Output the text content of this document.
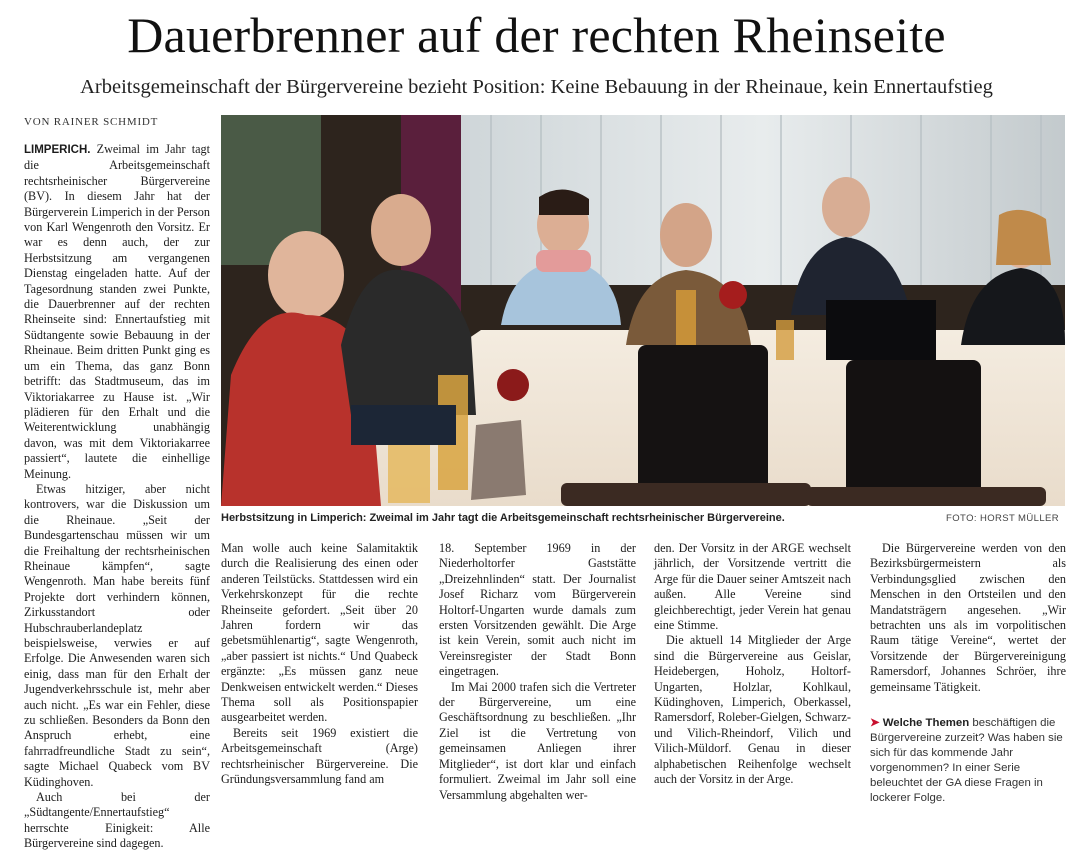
Dauerbrenner auf der rechten Rheinseite
Arbeitsgemeinschaft der Bürgervereine bezieht Position: Keine Bebauung in der Rheinaue, kein Ennertaufstieg
VON RAINER SCHMIDT

LIMPERICH. Zweimal im Jahr tagt die Arbeitsgemeinschaft rechtsrheinischer Bürgervereine (BV). In diesem Jahr hat der Bürgerverein Limperich in der Person von Karl Wengenroth den Vorsitz. Er war es denn auch, der zur Herbstsitzung am vergangenen Dienstag eingeladen hatte. Auf der Tagesordnung standen zwei Punkte, die Dauerbrenner auf der rechten Rheinseite sind: Ennertaufstieg mit Südtangente sowie Bebauung in der Rheinaue. Beim dritten Punkt ging es um ein Thema, das ganz Bonn betrifft: das Stadtmuseum, das im Viktoriakarree zu Hause ist. „Wir plädieren für den Erhalt und die Weiterentwicklung unabhängig davon, was mit dem Viktoriakarree passiert“, lautete die einhellige Meinung.

Etwas hitziger, aber nicht kontrovers, war die Diskussion um die Rheinaue. „Seit der Bundesgartenschau müssen wir um die Freihaltung der rechtsrheinischen Rheinaue kämpfen“, sagte Wengenroth. Man habe bereits fünf Projekte dort verhindern können, Zirkusstandort oder Hubschrauberlandeplatz beispielsweise, verwies er auf Erfolge. Die Anwesenden waren sich einig, dass man für den Erhalt der Jugendverkehrsschule ist, mehr aber auch nicht. „Es war ein Fehler, diese zu schließen. Besonders da Bonn den Anspruch erhebt, eine fahrradfreundliche Stadt zu sein“, sagte Michael Quabeck vom BV Küdinghoven.

Auch bei der „Südtangente/Ennertaufstieg“ herrschte Einigkeit: Alle Bürgervereine sind dagegen.

Herbstsitzung in Limperich: Zweimal im Jahr tagt die Arbeitsgemeinschaft rechtsrheinischer Bürgervereine.	FOTO: HORST MÜLLER

Man wolle auch keine Salamitaktik durch die Realisierung des einen oder anderen Teilstücks. Stattdessen wird ein Verkehrskonzept für die rechte Rheinseite gefordert. „Seit über 20 Jahren fordern wir das gebetsmühlenartig“, sagte Wengenroth, „aber passiert ist nichts.“ Und Quabeck ergänzte: „Es müssen ganz neue Denkweisen entwickelt werden.“ Dieses Thema soll als Positionspapier ausgearbeitet werden.

Bereits seit 1969 existiert die Arbeitsgemeinschaft (Arge) rechtsrheinischer Bürgervereine. Die Gründungsversammlung fand am

18. September 1969 in der Niederholtorfer Gaststätte „Dreizehnlinden“ statt. Der Journalist Josef Richarz vom Bürgerverein Holtorf-Ungarten wurde damals zum ersten Vorsitzenden gewählt. Die Arge ist kein Verein, somit auch nicht im Vereinsregister der Stadt Bonn eingetragen.

Im Mai 2000 trafen sich die Vertreter der Bürgervereine, um eine Geschäftsordnung zu beschließen. „Ihr Ziel ist die Vertretung von gemeinsamen Anliegen ihrer Mitglieder“, ist dort klar und einfach formuliert. Zweimal im Jahr soll eine Versammlung abgehalten wer-

den. Der Vorsitz in der ARGE wechselt jährlich, der Vorsitzende vertritt die Arge für die Dauer seiner Amtszeit nach außen. Alle Vereine sind gleichberechtigt, jeder Verein hat genau eine Stimme.

Die aktuell 14 Mitglieder der Arge sind die Bürgervereine aus Geislar, Heidebergen, Hoholz, Holtorf-Ungarten, Holzlar, Kohlkaul, Küdinghoven, Limperich, Oberkassel, Ramersdorf, Roleber-Gielgen, Schwarz- und Vilich-Rheindorf, Vilich und Vilich-Müldorf. Genau in dieser alphabetischen Reihenfolge wechselt auch der Vorsitz in der Arge.

Die Bürgervereine werden von den Bezirksbürgermeistern als Verbindungsglied zwischen den Menschen in den Ortsteilen und den Mandatsträgern angesehen. „Wir betrachten uns als im vorpolitischen Raum tätige Vereine“, wertet der Vorsitzende der Bürgervereinigung Ramersdorf, Johannes Schröer, ihre gemeinsame Tätigkeit.

➤ Welche Themen beschäftigen die Bürgervereine zurzeit? Was haben sie sich für das kommende Jahr vorgenommen? In einer Serie beleuchtet der GA diese Fragen in lockerer Folge.
